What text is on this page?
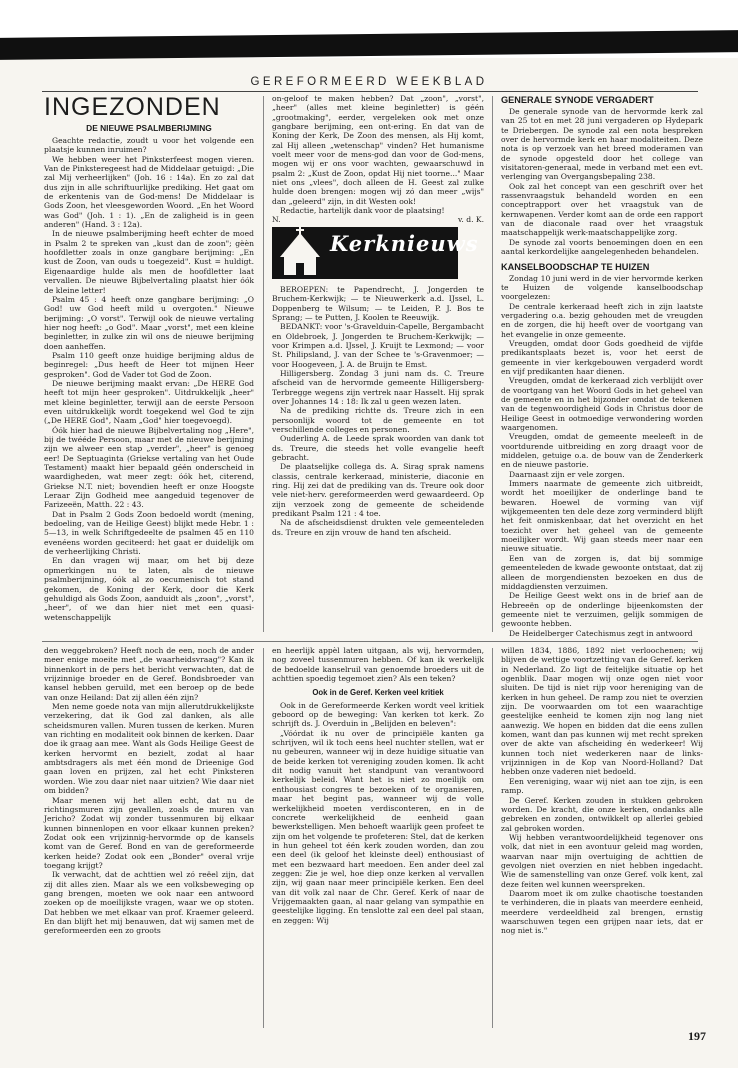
GEREFORMEERD WEEKBLAD
INGEZONDEN
DE NIEUWE PSALMBERIJMING

Geachte redactie, zoudt u voor het volgende een plaatsje kunnen inruimen?

We hebben weer het Pinksterfeest mogen vieren. Van de Pinksteregeest had de Middelaar getuigd: „Die zal Mij verheerlijken" (Joh. 16 : 14a). En zo zal dat dus zijn in alle schriftuurlijke prediking. Het gaat om de erkentenis van de God-mens! De Middelaar is Gods Zoon, het vleesgeworden Woord. „En het Woord was God" (Joh. 1 : 1). „En de zaligheid is in geen anderen" (Hand. 3 : 12a).

In de nieuwe psalmberijming heeft echter de moed in Psalm 2 te spreken van „kust dan de zoon"; gèèn hoofdletter zoals in onze gangbare berijming: „En kust de Zoon, van ouds u toegezeid". Kust = huldigt. Eigenaardige hulde als men de hoofdletter laat vervallen. De nieuwe Bijbelvertaling plaatst hier óók de kleine letter!

Psalm 45 : 4 heeft onze gangbare berijming: „O God! uw God heeft mild u overgoten." Nieuwe berijming: „O vorst". Terwijl ook de nieuwe vertaling hier nog heeft: „o God". Maar „vorst", met een kleine beginletter, in zulke zin wil ons de nieuwe berijming doen aanheffen.

Psalm 110 geeft onze huidige berijming aldus de beginregel: „Dus heeft de Heer tot mijnen Heer gesproken". God de Vader tot God de Zoon.

De nieuwe berijming maakt ervan: „De HERE God heeft tot mijn heer gesproken". Uitdrukkelijk „heer" met kleine beginletter, terwijl aan de eerste Persoon even uitdrukkelijk wordt toegekend wel God te zijn („De HERE God", Naam „God" hier toegevoegd).

Óók hier had de nieuwe Bijbelvertaling nog „Here", bij de twééde Persoon, maar met de nieuwe berijming zijn we alweer een stap „verder", „heer" is genoeg eer! De Septuaginta (Griekse vertaling van het Oude Testament) maakt hier bepaald géén onderscheid in waardigheden, wat meer zegt: óók het, citerend, Griekse N.T. niet; bovendien heeft er onze Hoogste Leraar Zijn Godheid mee aangeduid tegenover de Farizeeën, Matth. 22 : 43.

Dat in Psalm 2 Gods Zoon bedoeld wordt (mening, bedoeling, van de Heilige Geest) blijkt mede Hebr. 1 : 5—13, in welk Schriftgedeelte de psalmen 45 en 110 evenéens worden geciteerd: het gaat er duidelijk om de verheerlijking Christi.

En dan vragen wij maar, om het bij deze opmerkingen nu te laten, als de nieuwe psalmberijming, óók al zo oecumenisch tot stand gekomen, de Koning der Kerk, door die Kerk gehuldigd als Gods Zoon, aanduidt als „zoon", „vorst", „heer", of we dan hier niet met een quasi-wetenschappelijk

on-geloof te maken hebben? Dat „zoon", „vorst", „heer" (alles met kleine beginletter) is géén „grootmaking", eerder, vergeleken ook met onze gangbare berijming, een ont-ering. En dat van de Koning der Kerk, De Zoon des mensen, als Hij komt, zal Hij alleen „wetenschap" vinden? Het humanisme voelt meer voor de mens-god dan voor de God-mens, mogen wij er ons voor wachten, gewaarschuwd in psalm 2: „Kust de Zoon, opdat Hij niet toorne..." Maar niet ons „vlees", doch alleen de H. Geest zal zulke hulde doen brengen: mogen wij zó dan meer „wijs" dan „geleerd" zijn, in dit Westen ook!

Redactie, hartelijk dank voor de plaatsing!

N.	v. d. K.
Kerknieuws

BEROEPEN: te Papendrecht, J. Jongerden te Bruchem-Kerkwijk; — te Nieuwerkerk a.d. IJssel, L. Doppenberg te Wilsum; — te Leiden, P. J. Bos te Sprang; — te Putten, J. Koolen te Reeuwijk.

BEDANKT: voor 's-Gravelduin-Capelle, Bergambacht en Oldebroek, J. Jongerden te Bruchem-Kerkwijk; — voor Krimpen a.d. IJssel, J. Kruijt te Lexmond; — voor St. Philipsland, J. van der Schee te 's-Gravenmoer; — voor Hoogeveen, J. A. de Bruijn te Emst.

Hilligersberg. Zondag 3 juni nam ds. C. Treure afscheid van de hervormde gemeente Hilligersberg-Terbregge wegens zijn vertrek naar Hasselt. Hij sprak over Johannes 14 : 18: Ik zal u geen wezen laten.

Na de prediking richtte ds. Treure zich in een persoonlijk woord tot de gemeente en tot verschillende colleges en personen.

Ouderling A. de Leede sprak woorden van dank tot ds. Treure, die steeds het volle evangelie heeft gebracht.

De plaatselijke collega ds. A. Sirag sprak namens classis, centrale kerkeraad, ministerie, diaconie en ring. Hij zei dat de prediking van ds. Treure ook door vele niet-herv. gereformeerden werd gewaardeerd. Op zijn verzoek zong de gemeente de scheidende predikant Psalm 121 : 4 toe.

Na de afscheidsdienst drukten vele gemeenteleden ds. Treure en zijn vrouw de hand ten afscheid.

GENERALE SYNODE VERGADERT

De generale synode van de hervormde kerk zal van 25 tot en met 28 juni vergaderen op Hydepark te Driebergen. De synode zal een nota bespreken over de hervormde kerk en haar modaliteiten. Deze nota is op verzoek van het breed moderamen van de synode opgesteld door het college van visitatoren-generaal, mede in verband met een evt. verlenging van Overgangsbepaling 238.

Ook zal het concept van een geschrift over het rassenvraagstuk behandeld worden en een conceptrapport over het vraagstuk van de kernwapenen. Verder komt aan de orde een rapport van de diaconale raad over het vraagstuk maatschappelijk werk-maatschappelijke zorg.

De synode zal voorts benoemingen doen en een aantal kerkordelijke aangelegenheden behandelen.

KANSELBOODSCHAP TE HUIZEN

Zondag 10 juni werd in de vier hervormde kerken te Huizen de volgende kanselboodschap voorgelezen:

De centrale kerkeraad heeft zich in zijn laatste vergadering o.a. bezig gehouden met de vreugden en de zorgen, die hij heeft over de voortgang van het evangelie in onze gemeente.

Vreugden, omdat door Gods goedheid de vijfde predikantsplaats bezet is, voor het eerst de gemeente in vier kerkgebouwen vergaderd wordt en vijf predikanten haar dienen.

Vreugden, omdat de kerkeraad zich verblijdt over de voortgang van het Woord Gods in het geheel van de gemeente en in het bijzonder omdat de tekenen van de tegenwoordigheid Gods in Christus door de Heilige Geest in ootmoedige verwondering worden waargenomen.

Vreugden, omdat de gemeente meeleeft in de voortdurende uitbreiding en zorg draagt voor de middelen, getuige o.a. de bouw van de Zenderkerk en de nieuwe pastorie.

Daarnaast zijn er vele zorgen.

Immers naarmate de gemeente zich uitbreidt, wordt het moeilijker de onderlinge band te bewaren. Hoewel de vorming van vijf wijkgemeenten ten dele deze zorg verminderd blijft het feit onmiskenbaar, dat het overzicht en het toezicht over het geheel van de gemeente moeilijker wordt. Wij gaan steeds meer naar een nieuwe situatie.

Een van de zorgen is, dat bij sommige gemeenteleden de kwade gewoonte ontstaat, dat zij alleen de morgendiensten bezoeken en dus de middagdiensten verzuimen.

De Heilige Geest wekt ons in de brief aan de Hebreeën op de onderlinge bijeenkomsten der gemeente niet te verzuimen, gelijk sommigen de gewoonte hebben.

De Heidelberger Catechismus zegt in antwoord

den weggebroken? Heeft noch de een, noch de ander meer enige moeite met „de waarheidsvraag"? Kan ik binnenkort in de pers het bericht verwachten, dat de vrijzinnige broeder en de Geref. Bondsbroeder van kansel hebben geruild, met een beroep op de bede van onze Heiland: Dat zij allen één zijn?

Men neme goede nota van mijn allerutdrukkelijkste verzekering, dat ik God zal danken, als alle scheidsmuren vallen. Muren tussen de kerken. Muren van richting en modaliteit ook binnen de kerken. Daar doe ik graag aan mee. Want als Gods Heilige Geest de kerken hervormt en bezielt, zodat al haar ambtsdragers als met één mond de Drieenige God gaan loven en prijzen, zal het echt Pinksteren worden. Wie zou daar niet naar uitzien? Wie daar niet om bidden?

Maar menen wij het allen echt, dat nu de richtingsmuren zijn gevallen, zoals de muren van Jericho? Zodat wij zonder tussenmuren bij elkaar kunnen binnenlopen en voor elkaar kunnen preken? Zodat ook een vrijzinnig-hervormde op de kansels komt van de Geref. Bond en van de gereformeerde kerken heide? Zodat ook een „Bonder" overal vrije toegang krijgt?

Ik verwacht, dat de achttien wel zó reëel zijn, dat zij dit alles zien. Maar als we een volksbeweging op gang brengen, moeten we ook naar een antwoord zoeken op de moeilijkste vragen, waar we op stoten. Dat hebben we met elkaar van prof. Kraemer geleerd. En dan blijft het mij benauwen, dat wij samen met de gereformeerden een zo groots

en heerlijk appèl laten uitgaan, als wij, hervormden, nog zoveel tussenmuren hebben. Of kan ik werkelijk de bedoelde kanselruil van genoemde broeders uit de achttien spoedig tegemoet zien? Als een teken?

Ook in de Geref. Kerken veel kritiek

Ook in de Gereformeerde Kerken wordt veel kritiek geboord op de beweging: Van kerken tot kerk. Zo schrijft ds. J. Overduin in „Belijden en beleven":

„Vóórdat ik nu over de principiële kanten ga schrijven, wil ik toch eens heel nuchter stellen, wat er nu gebeuren, wanneer wij in deze huidige situatie van de beide kerken tot vereniging zouden komen. Ik acht dit nodig vanuit het standpunt van verantwoord kerkelijk beleid. Want het is niet zo moeilijk om enthousiast congres te bezoeken of te organiseren, maar het begint pas, wanneer wij de volle werkelijkheid moeten verdisconteren, en in de concrete werkelijkheid de eenheid gaan bewerkstelligen. Men behoeft waarlijk geen profeet te zijn om het volgende te profeteren: Stel, dat de kerken in hun geheel tot één kerk zouden worden, dan zou een deel (ik geloof het kleinste deel) enthousiast of met een bezwaard hart meedoen. Een ander deel zal zeggen: Zie je wel, hoe diep onze kerken al vervallen zijn, wij gaan naar meer principiële kerken. Een deel van dit volk zal naar de Chr. Geref. Kerk of naar de Vrijgemaakten gaan, al naar gelang van sympathie en geestelijke ligging. En tenslotte zal een deel pal staan, en zeggen: Wij

willen 1834, 1886, 1892 niet verloochenen; wij blijven de wettige voortzetting van de Geref. kerken in Nederland. Zo ligt de feitelijke situatie op het ogenblik. Daar mogen wij onze ogen niet voor sluiten. De tijd is niet rijp voor hereniging van de kerken in hun geheel. De ramp zou niet te overzien zijn. De voorwaarden om tot een waarachtige geestelijke eenheid te komen zijn nog lang niet aanwezig. We hopen en bidden dat die eens zullen komen, want dan pas kunnen wij met recht spreken over de akte van afscheiding én wederkeer! Wij kunnen toch niet wederkeren naar de links-vrijzinnigen in de Kop van Noord-Holland? Dat hebben onze vaderen niet bedoeld.

Een vereniging, waar wij niet aan toe zijn, is een ramp.

De Geref. Kerken zouden in stukken gebroken worden. De kracht, die onze kerken, ondanks alle gebreken en zonden, ontwikkelt op allerlei gebied zal gebroken worden.

Wij hebben verantwoordelijkheid tegenover ons volk, dat niet in een avontuur geleid mag worden, waarvan naar mijn overtuiging de achttien de gevolgen niet overzien en niet hebben ingedacht. Wie de samenstelling van onze Geref. volk kent, zal deze feiten wel kunnen weerspreken.

Daarom moet ik om zulke chaotische toestanden te verhinderen, die in plaats van meerdere eenheid, meerdere verdeeldheid zal brengen, ernstig waarschuwen tegen een grijpen naar iets, dat er nog niet is."

197
